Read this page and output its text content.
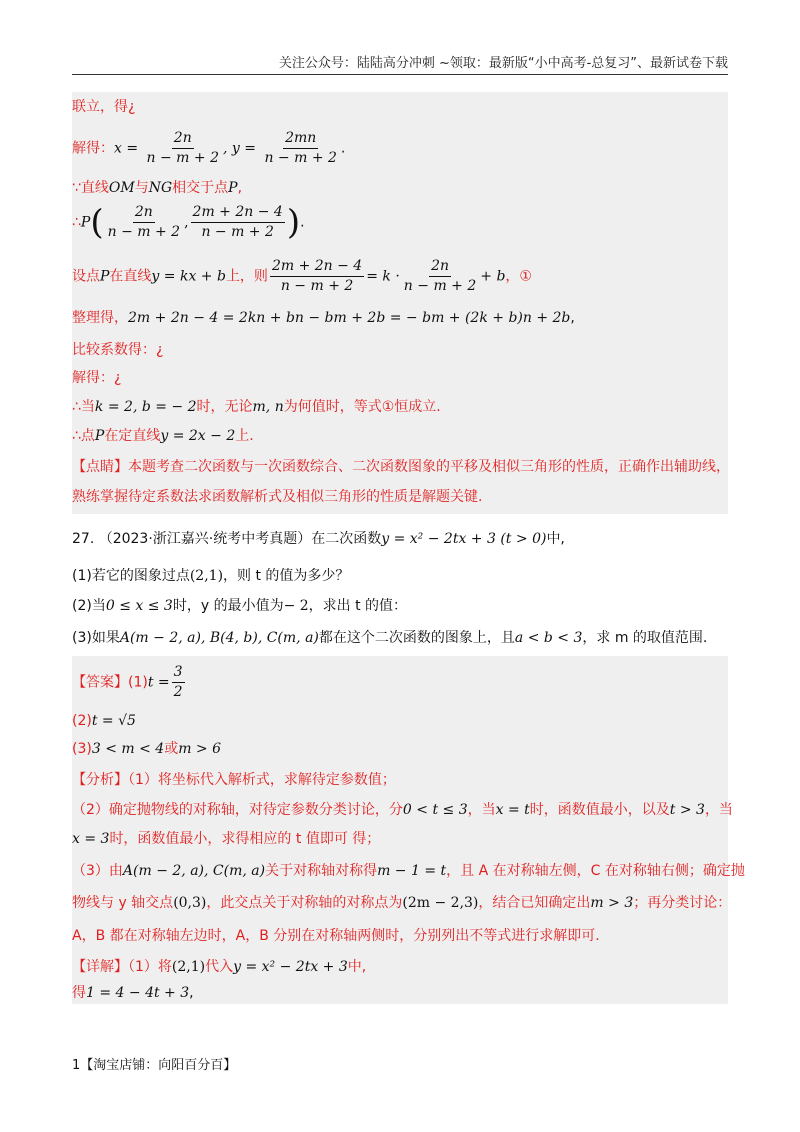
关注公众号：陆陆高分冲刺 ~领取：最新版“小中高考-总复习”、最新试卷下载
联立，得¿
解得：$x = \frac{2n}{n - m + 2}$ , $y = \frac{2mn}{n - m + 2}$ .
∵直线OM与NG相交于点P,
∴P( $\frac{2n}{n - m + 2}$ , $\frac{2m + 2n - 4}{n - m + 2}$ ).
设点P在直线y = kx + b上，则 $\frac{2m + 2n - 4}{n - m + 2} = k \cdot \frac{2n}{n - m + 2} + b$，①
整理得，2m + 2n − 4 = 2kn + bn − bm + 2b = − bm + (2k + b)n + 2b,
比较系数得：¿
解得：¿
∴当k = 2, b = − 2时，无论m, n为何值时，等式①恒成立.
∴点P在定直线y = 2x − 2上.
【点睛】本题考查二次函数与一次函数综合、二次函数图象的平移及相似三角形的性质，正确作出辅助线，
熟练掌握待定系数法求函数解析式及相似三角形的性质是解题关键.
27. （2023·浙江嘉兴·统考中考真题）在二次函数y = x² − 2tx + 3 (t > 0)中,
(1)若它的图象过点(2,1)，则 t 的值为多少？
(2)当0 ≤ x ≤ 3时，y 的最小值为− 2，求出 t 的值：
(3)如果A(m − 2, a), B(4, b), C(m, a)都在这个二次函数的图象上，且a < b < 3，求 m 的取值范围.
【答案】$(1)t = \frac{3}{2}$
(2)t = √5
(3)3 < m < 4或m > 6
【分析】（1）将坐标代入解析式，求解待定参数值；
（2）确定抛物线的对称轴，对待定参数分类讨论，分0 < t ≤ 3，当x = t时，函数值最小，以及t > 3，当
x = 3时，函数值最小，求得相应的 t 值即可 得；
（3）由A(m − 2, a), C(m, a)关于对称轴对称得m − 1 = t，且 A 在对称轴左侧，C 在对称轴右侧；确定抛
物线与 y 轴交点(0,3)，此交点关于对称轴的对称点为(2m − 2,3)，结合已知确定出m > 3；再分类讨论：
A，B 都在对称轴左边时，A，B 分别在对称轴两侧时，分别列出不等式进行求解即可.
【详解】（1）将(2,1)代入y = x² − 2tx + 3中,
得1 = 4 − 4t + 3,
1【淘宝店铺：向阳百分百】
